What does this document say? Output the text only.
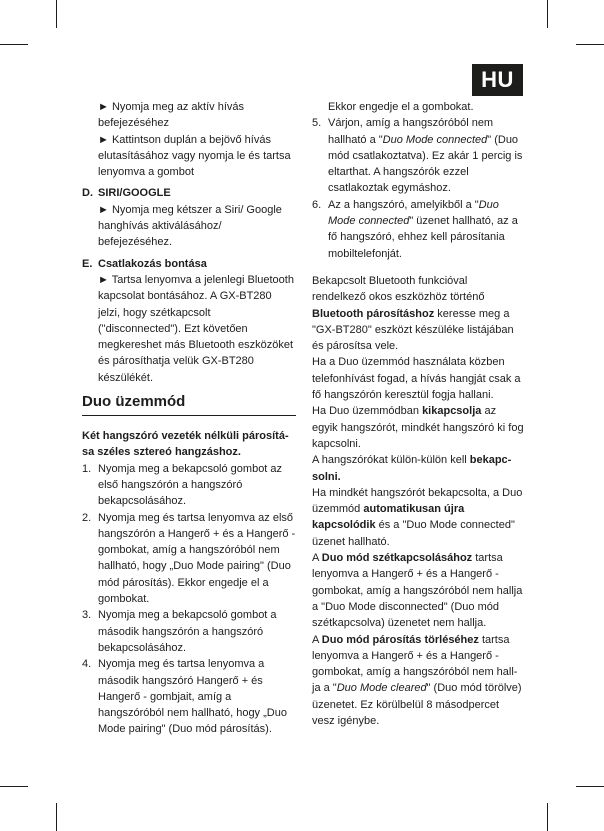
HU

► Nyomja meg az aktív hívás befejezéséhez

► Kattintson duplán a bejövő hívás elutasításához vagy nyomja le és tartsa lenyomva a gombot

D. SIRI/GOOGLE
► Nyomja meg kétszer a Siri/ Google hanghívás aktiválásához/ befejezéséhez.
E. Csatlakozás bontása
► Tartsa lenyomva a jelenlegi Bluetooth kapcsolat bontásához. A GX-BT280 jelzi, hogy szétkapcsolt ("disconnected"). Ezt követően megkereshet más Bluetooth eszközöket és párosíthatja velük GX-BT280 készülékét.
Duo üzemmód

Két hangszóró vezeték nélküli párosítá-sa széles sztereó hangzáshoz.

1. Nyomja meg a bekapcsoló gombot az első hangszórón a hangszóró bekapcsolásához.
2. Nyomja meg és tartsa lenyomva az első hangszórón a Hangerő + és a Hangerő - gombokat, amíg a hangszóróból nem hallható, hogy „Duo Mode pairing" (Duo mód párosítás). Ekkor engedje el a gombokat.
3. Nyomja meg a bekapcsoló gombot a második hangszórón a hangszóró bekapcsolásához.
4. Nyomja meg és tartsa lenyomva a második hangszóró Hangerő + és Hangerő - gombjait, amíg a hangszóróból nem hallható, hogy „Duo Mode pairing" (Duo mód párosítás).

Ekkor engedje el a gombokat.

5. Várjon, amíg a hangszóróból nem hallható a "Duo Mode connected" (Duo mód csatlakoztatva). Ez akár 1 percig is eltarthat. A hangszórók ezzel csatlakoztak egymáshoz.
6. Az a hangszóró, amelyikből a "Duo Mode connected" üzenet hallható, az a fő hangszóró, ehhez kell párosítania mobiltelefonját.

Bekapcsolt Bluetooth funkcióval rendelkező okos eszközhöz történő Bluetooth párosításhoz keresse meg a "GX-BT280" eszközt készüléke listájában és párosítsa vele.

Ha a Duo üzemmód használata közben telefonhívást fogad, a hívás hangját csak a fő hangszórón keresztül fogja hallani.

Ha Duo üzemmódban kikapcsolja az egyik hangszórót, mindkét hangszóró ki fog kapcsolni.

A hangszórókat külön-külön kell bekapc-solni.

Ha mindkét hangszórót bekapcsolta, a Duo üzemmód automatikusan újra kapcsolódik és a "Duo Mode connected" üzenet hallható.

A Duo mód szétkapcsolásához tartsa lenyomva a Hangerő + és a Hangerő - gombokat, amíg a hangszóróból nem hallja a "Duo Mode disconnected" (Duo mód szétkapcsolva) üzenetet nem hallja.

A Duo mód párosítás törléséhez tartsa lenyomva a Hangerő + és a Hangerő - gombokat, amíg a hangszóróból nem hall-ja a "Duo Mode cleared" (Duo mód törölve) üzenetet. Ez körülbelül 8 másodpercet vesz igénybe.
